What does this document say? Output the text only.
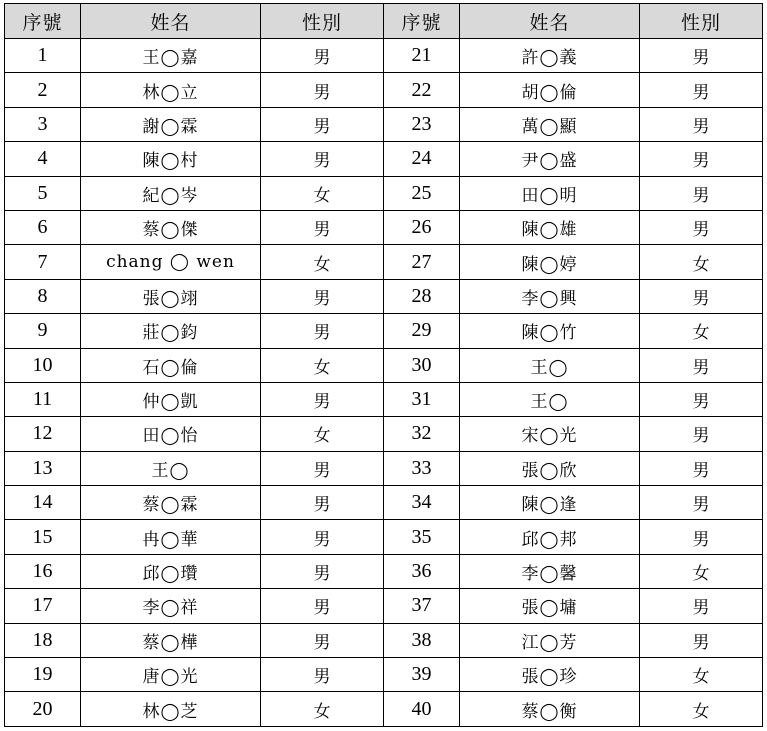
序號	姓名	性別	序號	姓名	性別
1	王◯嘉	男	21	許◯義	男
2	林◯立	男	22	胡◯倫	男
3	謝◯霖	男	23	萬◯顯	男
4	陳◯村	男	24	尹◯盛	男
5	紀◯岑	女	25	田◯明	男
6	蔡◯傑	男	26	陳◯雄	男
7	chang ◯ wen	女	27	陳◯婷	女
8	張◯翊	男	28	李◯興	男
9	莊◯鈞	男	29	陳◯竹	女
10	石◯倫	女	30	王◯	男
11	仲◯凱	男	31	王◯	男
12	田◯怡	女	32	宋◯光	男
13	王◯	男	33	張◯欣	男
14	蔡◯霖	男	34	陳◯逢	男
15	冉◯華	男	35	邱◯邦	男
16	邱◯瓚	男	36	李◯馨	女
17	李◯祥	男	37	張◯墉	男
18	蔡◯樺	男	38	江◯芳	男
19	唐◯光	男	39	張◯珍	女
20	林◯芝	女	40	蔡◯衡	女
